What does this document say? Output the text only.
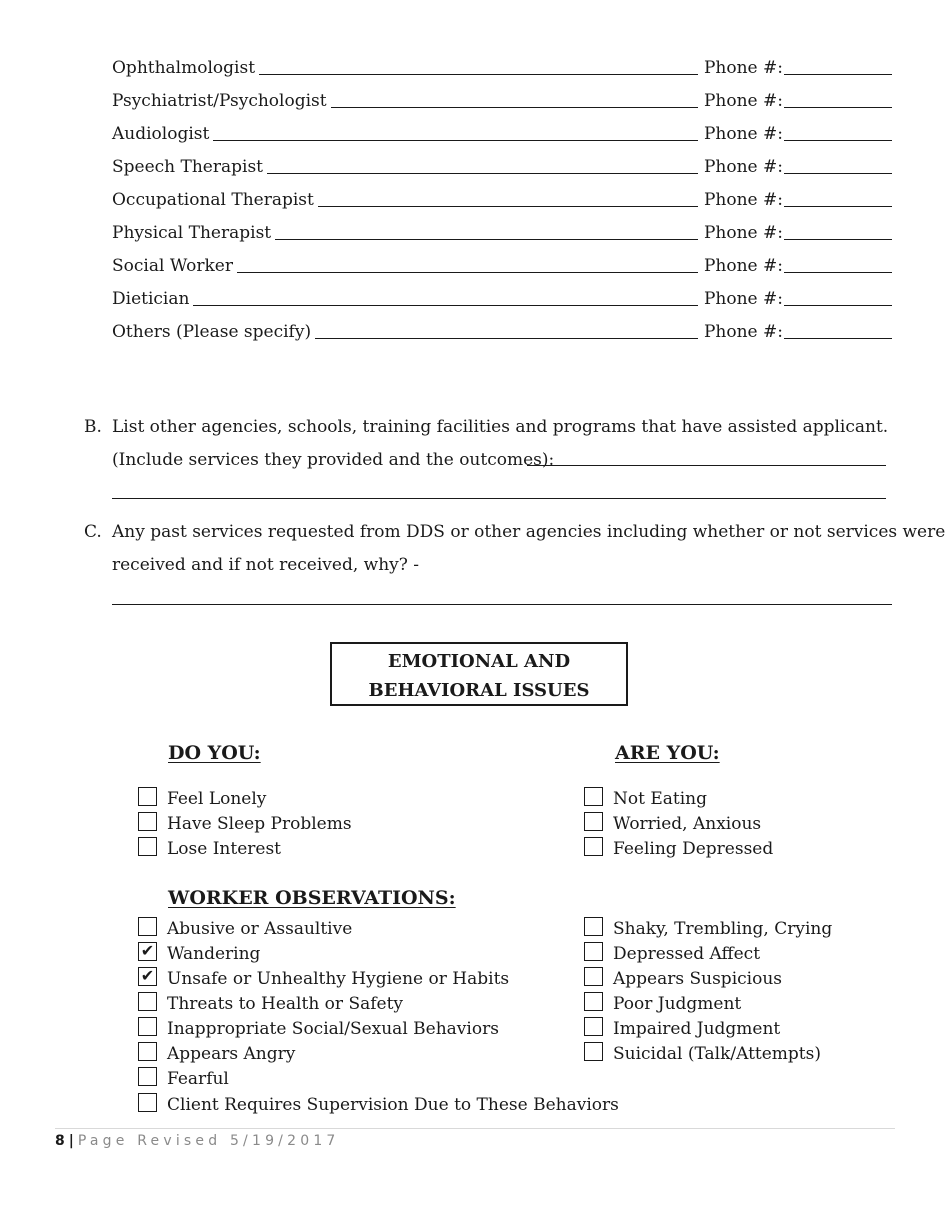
Ophthalmologist	Phone #:
Psychiatrist/Psychologist	Phone #:
Audiologist	Phone #:
Speech Therapist	Phone #:
Occupational Therapist	Phone #:
Physical Therapist	Phone #:
Social Worker	Phone #:
Dietician	Phone #:
Others (Please specify)	Phone #:
B. List other agencies, schools, training facilities and programs that have assisted applicant.
(Include services they provided and the outcomes):
C. Any past services requested from DDS or other agencies including whether or not services were
received and if not received, why? -
EMOTIONAL AND
BEHAVIORAL ISSUES
DO YOU:	ARE YOU:
Feel Lonely
Have Sleep Problems
Lose Interest
Not Eating
Worried, Anxious
Feeling Depressed
WORKER OBSERVATIONS:
Abusive or Assaultive
✔ Wandering
✔ Unsafe or Unhealthy Hygiene or Habits
Threats to Health or Safety
Inappropriate Social/Sexual Behaviors
Appears Angry
Fearful
Client Requires Supervision Due to These Behaviors
Shaky, Trembling, Crying
Depressed Affect
Appears Suspicious
Poor Judgment
Impaired Judgment
Suicidal (Talk/Attempts)
8 | Page Revised 5/19/2017
